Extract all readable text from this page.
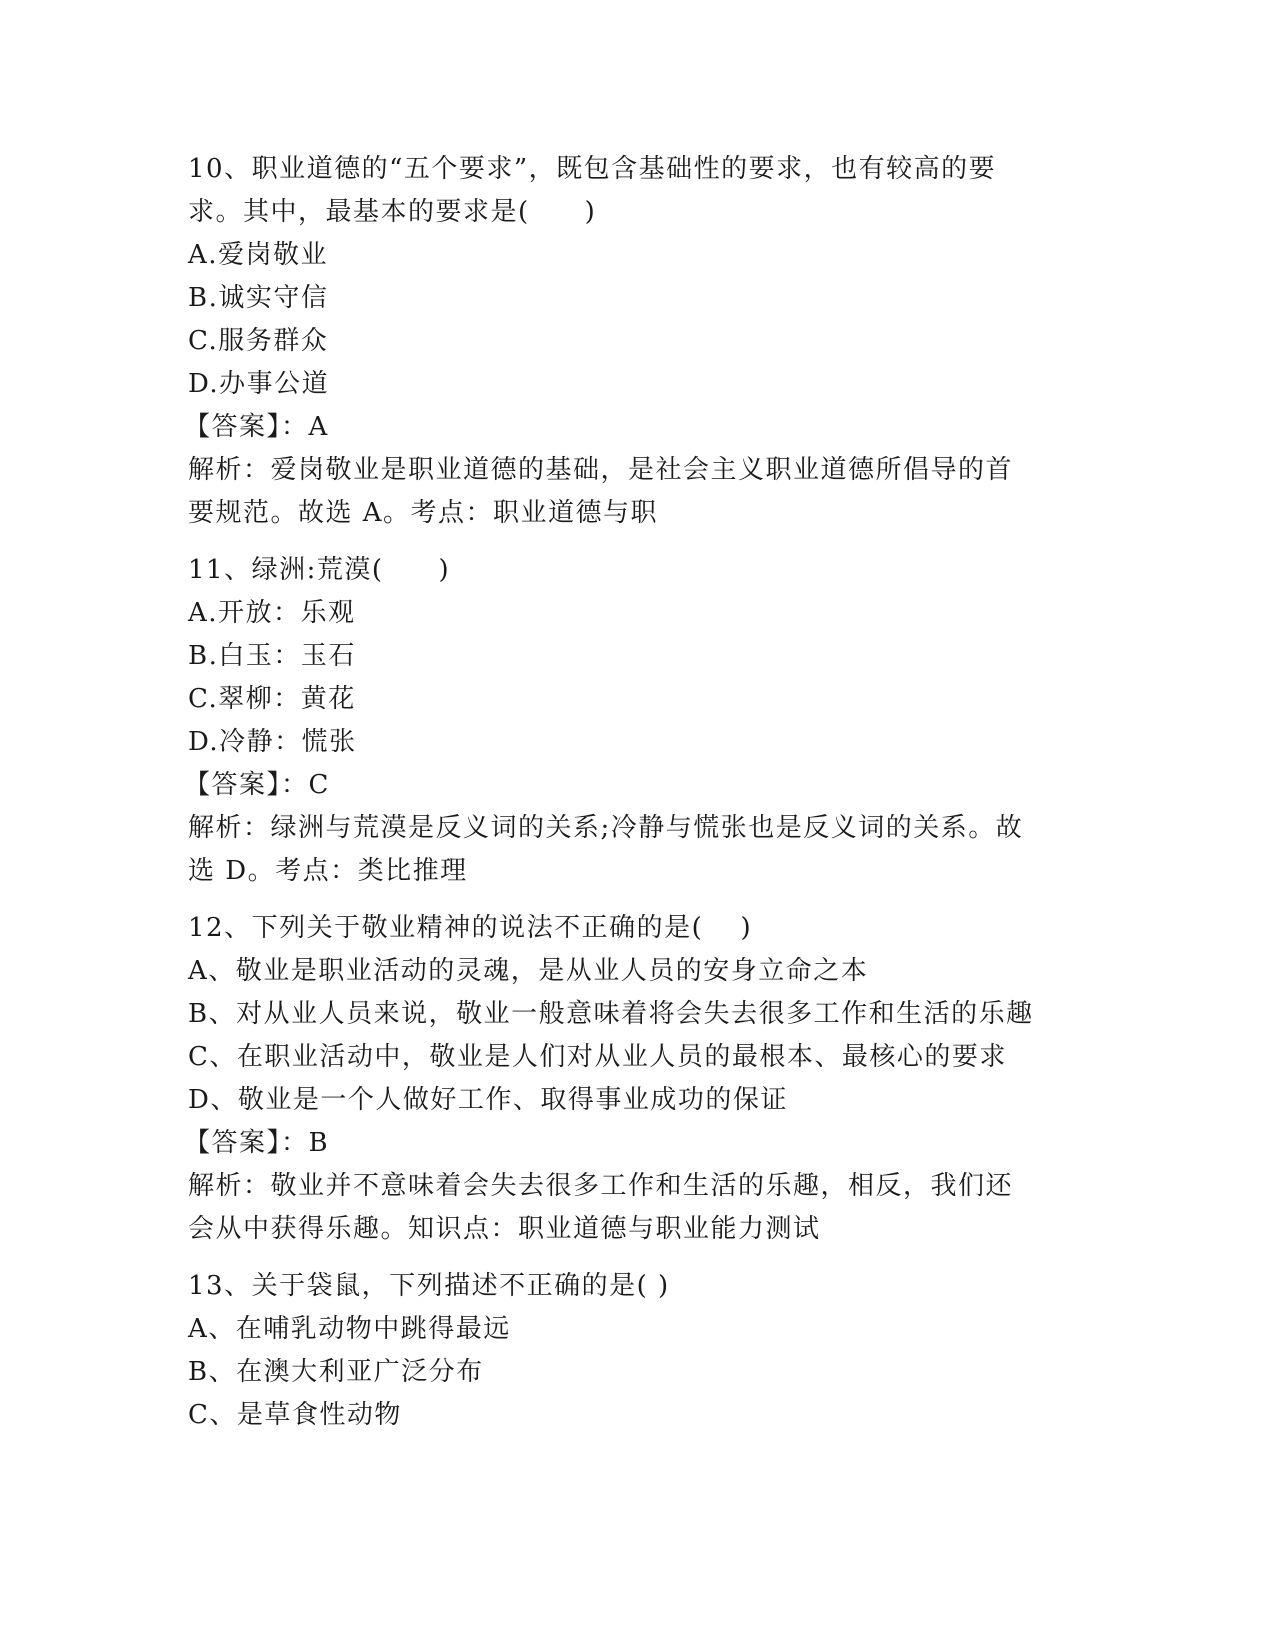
10、职业道德的“五个要求”，既包含基础性的要求，也有较高的要
求。其中，最基本的要求是(　　)
A.爱岗敬业
B.诚实守信
C.服务群众
D.办事公道
【答案】：A
解析：爱岗敬业是职业道德的基础，是社会主义职业道德所倡导的首
要规范。故选 A。考点：职业道德与职
11、绿洲:荒漠(　　)
A.开放：乐观
B.白玉：玉石
C.翠柳：黄花
D.冷静：慌张
【答案】：C
解析：绿洲与荒漠是反义词的关系;冷静与慌张也是反义词的关系。故
选 D。考点：类比推理
12、下列关于敬业精神的说法不正确的是(　 )
A、敬业是职业活动的灵魂，是从业人员的安身立命之本
B、对从业人员来说，敬业一般意味着将会失去很多工作和生活的乐趣
C、在职业活动中，敬业是人们对从业人员的最根本、最核心的要求
D、敬业是一个人做好工作、取得事业成功的保证
【答案】：B
解析：敬业并不意味着会失去很多工作和生活的乐趣，相反，我们还
会从中获得乐趣。知识点：职业道德与职业能力测试
13、关于袋鼠，下列描述不正确的是( )
A、在哺乳动物中跳得最远
B、在澳大利亚广泛分布
C、是草食性动物
